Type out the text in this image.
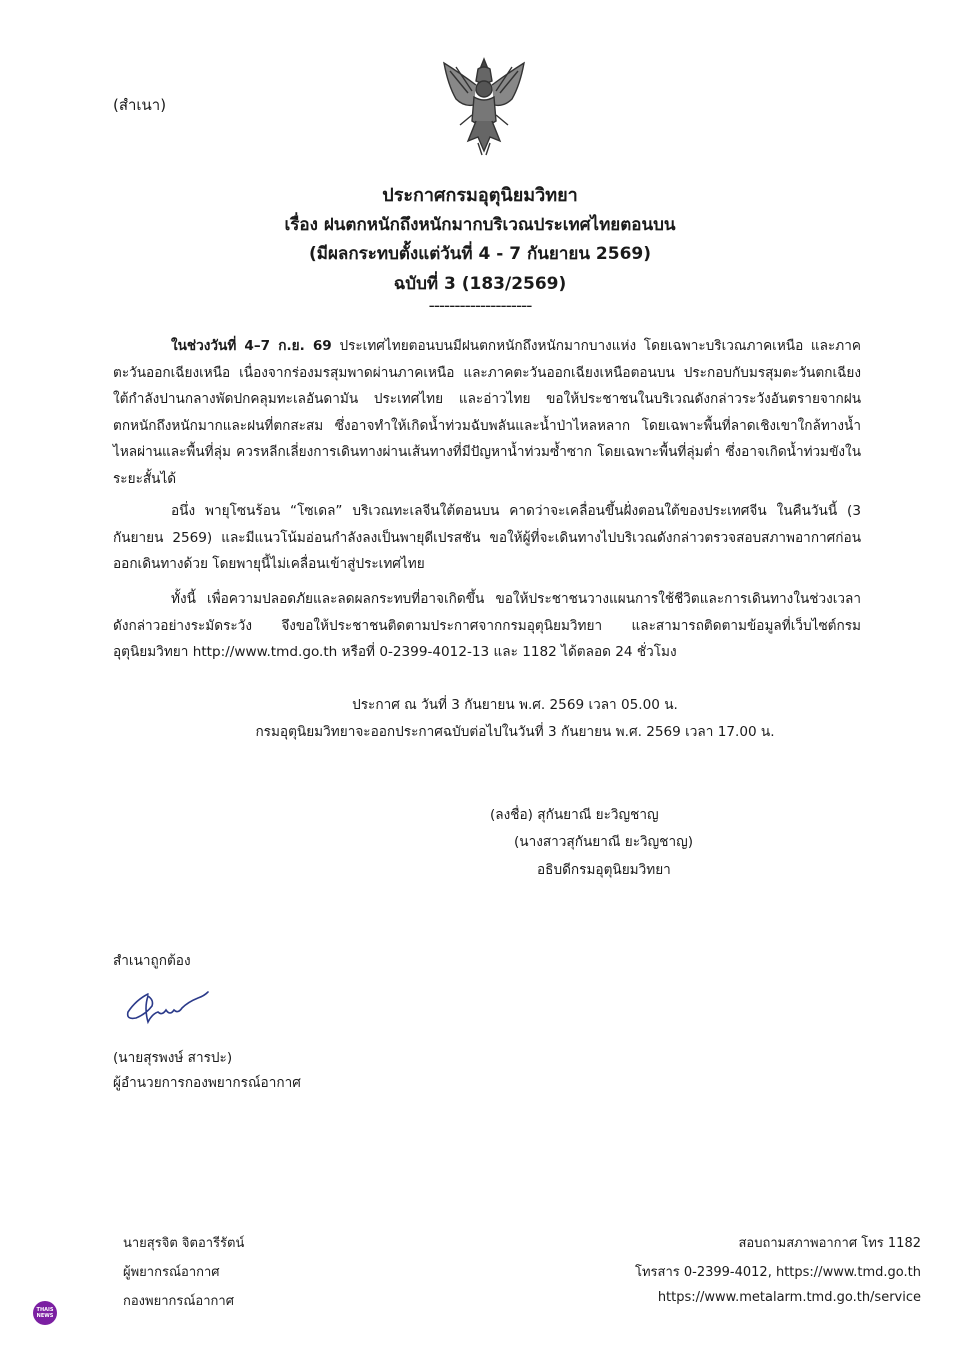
(สำเนา)
ประกาศกรมอุตุนิยมวิทยา
เรื่อง ฝนตกหนักถึงหนักมากบริเวณประเทศไทยตอนบน
(มีผลกระทบตั้งแต่วันที่ 4 - 7 กันยายน 2569)
ฉบับที่ 3 (183/2569)
--------------------

ในช่วงวันที่ 4–7 ก.ย. 69 ประเทศไทยตอนบนมีฝนตกหนักถึงหนักมากบางแห่ง โดยเฉพาะบริเวณภาคเหนือ และภาคตะวันออกเฉียงเหนือ เนื่องจากร่องมรสุมพาดผ่านภาคเหนือ และภาคตะวันออกเฉียงเหนือตอนบน ประกอบกับมรสุมตะวันตกเฉียงใต้กำลังปานกลางพัดปกคลุมทะเลอันดามัน ประเทศไทย และอ่าวไทย ขอให้ประชาชนในบริเวณดังกล่าวระวังอันตรายจากฝนตกหนักถึงหนักมากและฝนที่ตกสะสม ซึ่งอาจทำให้เกิดน้ำท่วมฉับพลันและน้ำป่าไหลหลาก โดยเฉพาะพื้นที่ลาดเชิงเขาใกล้ทางน้ำไหลผ่านและพื้นที่ลุ่ม ควรหลีกเลี่ยงการเดินทางผ่านเส้นทางที่มีปัญหาน้ำท่วมซ้ำซาก โดยเฉพาะพื้นที่ลุ่มต่ำ ซึ่งอาจเกิดน้ำท่วมขังในระยะสั้นได้

อนึ่ง พายุโซนร้อน “โซเดล” บริเวณทะเลจีนใต้ตอนบน คาดว่าจะเคลื่อนขึ้นฝั่งตอนใต้ของประเทศจีน ในคืนวันนี้ (3 กันยายน 2569) และมีแนวโน้มอ่อนกำลังลงเป็นพายุดีเปรสชัน ขอให้ผู้ที่จะเดินทางไปบริเวณดังกล่าวตรวจสอบสภาพอากาศก่อนออกเดินทางด้วย โดยพายุนี้ไม่เคลื่อนเข้าสู่ประเทศไทย

ทั้งนี้ เพื่อความปลอดภัยและลดผลกระทบที่อาจเกิดขึ้น ขอให้ประชาชนวางแผนการใช้ชีวิตและการเดินทางในช่วงเวลาดังกล่าวอย่างระมัดระวัง จึงขอให้ประชาชนติดตามประกาศจากกรมอุตุนิยมวิทยา และสามารถติดตามข้อมูลที่เว็บไซต์กรมอุตุนิยมวิทยา http://www.tmd.go.th หรือที่ 0-2399-4012-13 และ 1182 ได้ตลอด 24 ชั่วโมง

ประกาศ ณ วันที่ 3 กันยายน พ.ศ. 2569 เวลา 05.00 น.
กรมอุตุนิยมวิทยาจะออกประกาศฉบับต่อไปในวันที่ 3 กันยายน พ.ศ. 2569 เวลา 17.00 น.
(ลงชื่อ) สุกันยาณี ยะวิญชาญ
(นางสาวสุกันยาณี ยะวิญชาญ)
อธิบดีกรมอุตุนิยมวิทยา
สำเนาถูกต้อง
(นายสุรพงษ์ สารปะ)
ผู้อำนวยการกองพยากรณ์อากาศ
นายสุรจิต จิตอารีรัตน์
ผู้พยากรณ์อากาศ
กองพยากรณ์อากาศ
สอบถามสภาพอากาศ โทร 1182
โทรสาร 0-2399-4012, https://www.tmd.go.th
https://www.metalarm.tmd.go.th/service
THAIS
NEWS
